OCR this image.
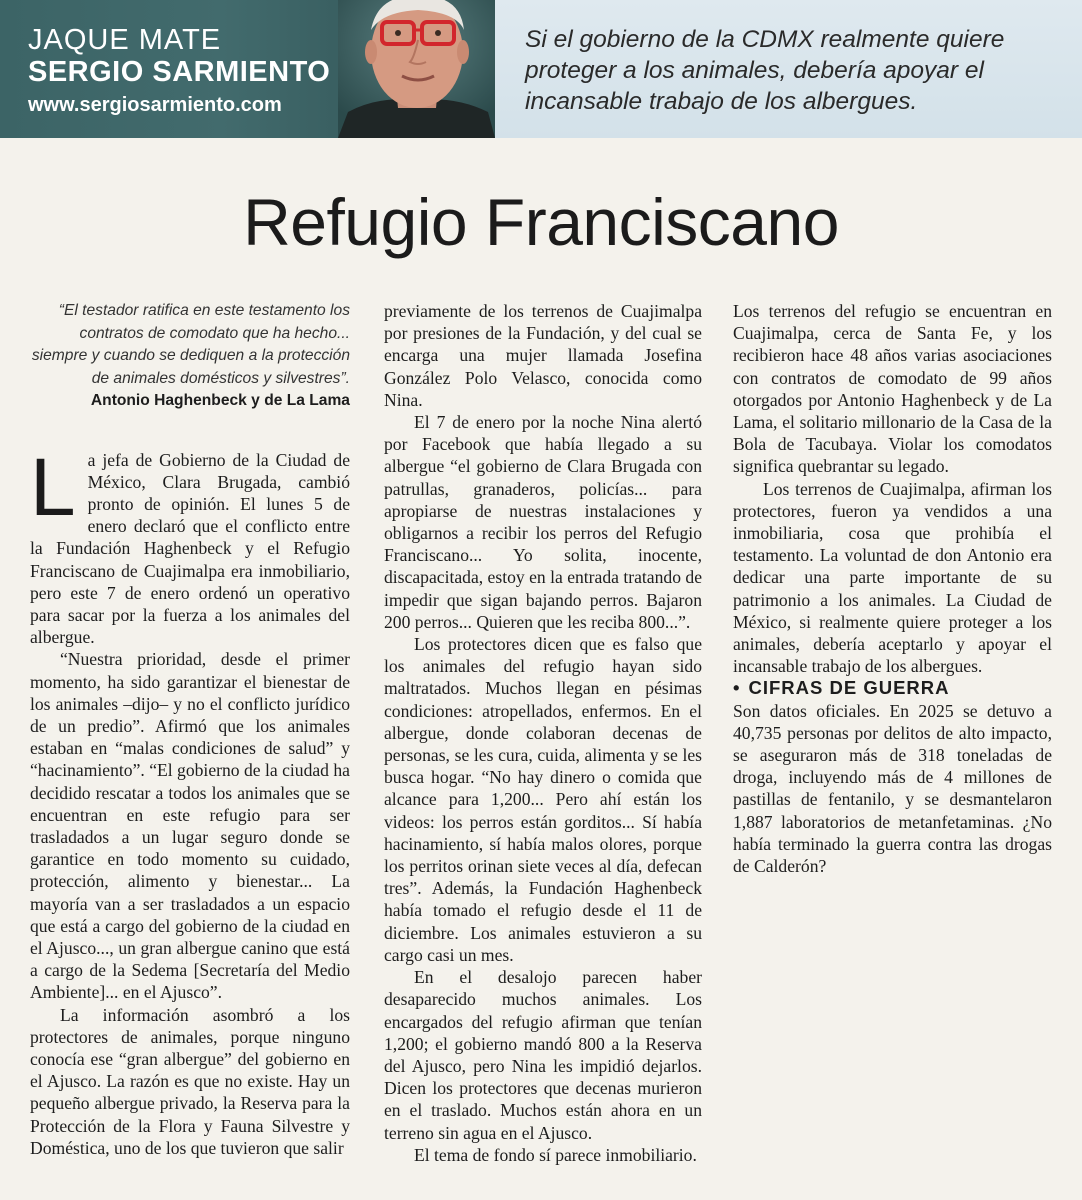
JAQUE MATE
SERGIO SARMIENTO
www.sergiosarmiento.com

Si el gobierno de la CDMX realmente quiere proteger a los animales, debería apoyar el incansable trabajo de los albergues.

Refugio Franciscano

“El testador ratifica en este testamento los contratos de comodato que ha hecho... siempre y cuando se dediquen a la protección de animales domésticos y silvestres”.

Antonio Haghenbeck y de La Lama

La jefa de Gobierno de la Ciudad de México, Clara Brugada, cambió pronto de opinión. El lunes 5 de enero declaró que el conflicto entre la Fundación Haghenbeck y el Refugio Franciscano de Cuajimalpa era inmobiliario, pero este 7 de enero ordenó un operativo para sacar por la fuerza a los animales del albergue.

“Nuestra prioridad, desde el primer momento, ha sido garantizar el bienestar de los animales –dijo– y no el conflicto jurídico de un predio”. Afirmó que los animales estaban en “malas condiciones de salud” y “hacinamiento”. “El gobierno de la ciudad ha decidido rescatar a todos los animales que se encuentran en este refugio para ser trasladados a un lugar seguro donde se garantice en todo momento su cuidado, protección, alimento y bienestar... La mayoría van a ser trasladados a un espacio que está a cargo del gobierno de la ciudad en el Ajusco..., un gran albergue canino que está a cargo de la Sedema [Secretaría del Medio Ambiente]... en el Ajusco”.

La información asombró a los protectores de animales, porque ninguno conocía ese “gran albergue” del gobierno en el Ajusco. La razón es que no existe. Hay un pequeño albergue privado, la Reserva para la Protección de la Flora y Fauna Silvestre y Doméstica, uno de los que tuvieron que salir

previamente de los terrenos de Cuajimalpa por presiones de la Fundación, y del cual se encarga una mujer llamada Josefina González Polo Velasco, conocida como Nina.

El 7 de enero por la noche Nina alertó por Facebook que había llegado a su albergue “el gobierno de Clara Brugada con patrullas, granaderos, policías... para apropiarse de nuestras instalaciones y obligarnos a recibir los perros del Refugio Franciscano... Yo solita, inocente, discapacitada, estoy en la entrada tratando de impedir que sigan bajando perros. Bajaron 200 perros... Quieren que les reciba 800...”.

Los protectores dicen que es falso que los animales del refugio hayan sido maltratados. Muchos llegan en pésimas condiciones: atropellados, enfermos. En el albergue, donde colaboran decenas de personas, se les cura, cuida, alimenta y se les busca hogar. “No hay dinero o comida que alcance para 1,200... Pero ahí están los videos: los perros están gorditos... Sí había hacinamiento, sí había malos olores, porque los perritos orinan siete veces al día, defecan tres”. Además, la Fundación Haghenbeck había tomado el refugio desde el 11 de diciembre. Los animales estuvieron a su cargo casi un mes.

En el desalojo parecen haber desaparecido muchos animales. Los encargados del refugio afirman que tenían 1,200; el gobierno mandó 800 a la Reserva del Ajusco, pero Nina les impidió dejarlos. Dicen los protectores que decenas murieron en el traslado. Muchos están ahora en un terreno sin agua en el Ajusco.

El tema de fondo sí parece inmobiliario.

Los terrenos del refugio se encuentran en Cuajimalpa, cerca de Santa Fe, y los recibieron hace 48 años varias asociaciones con contratos de comodato de 99 años otorgados por Antonio Haghenbeck y de La Lama, el solitario millonario de la Casa de la Bola de Tacubaya. Violar los comodatos significa quebrantar su legado.

Los terrenos de Cuajimalpa, afirman los protectores, fueron ya vendidos a una inmobiliaria, cosa que prohibía el testamento. La voluntad de don Antonio era dedicar una parte importante de su patrimonio a los animales. La Ciudad de México, si realmente quiere proteger a los animales, debería aceptarlo y apoyar el incansable trabajo de los albergues.

• CIFRAS DE GUERRA

Son datos oficiales. En 2025 se detuvo a 40,735 personas por delitos de alto impacto, se aseguraron más de 318 toneladas de droga, incluyendo más de 4 millones de pastillas de fentanilo, y se desmantelaron 1,887 laboratorios de metanfetaminas. ¿No había terminado la guerra contra las drogas de Calderón?
